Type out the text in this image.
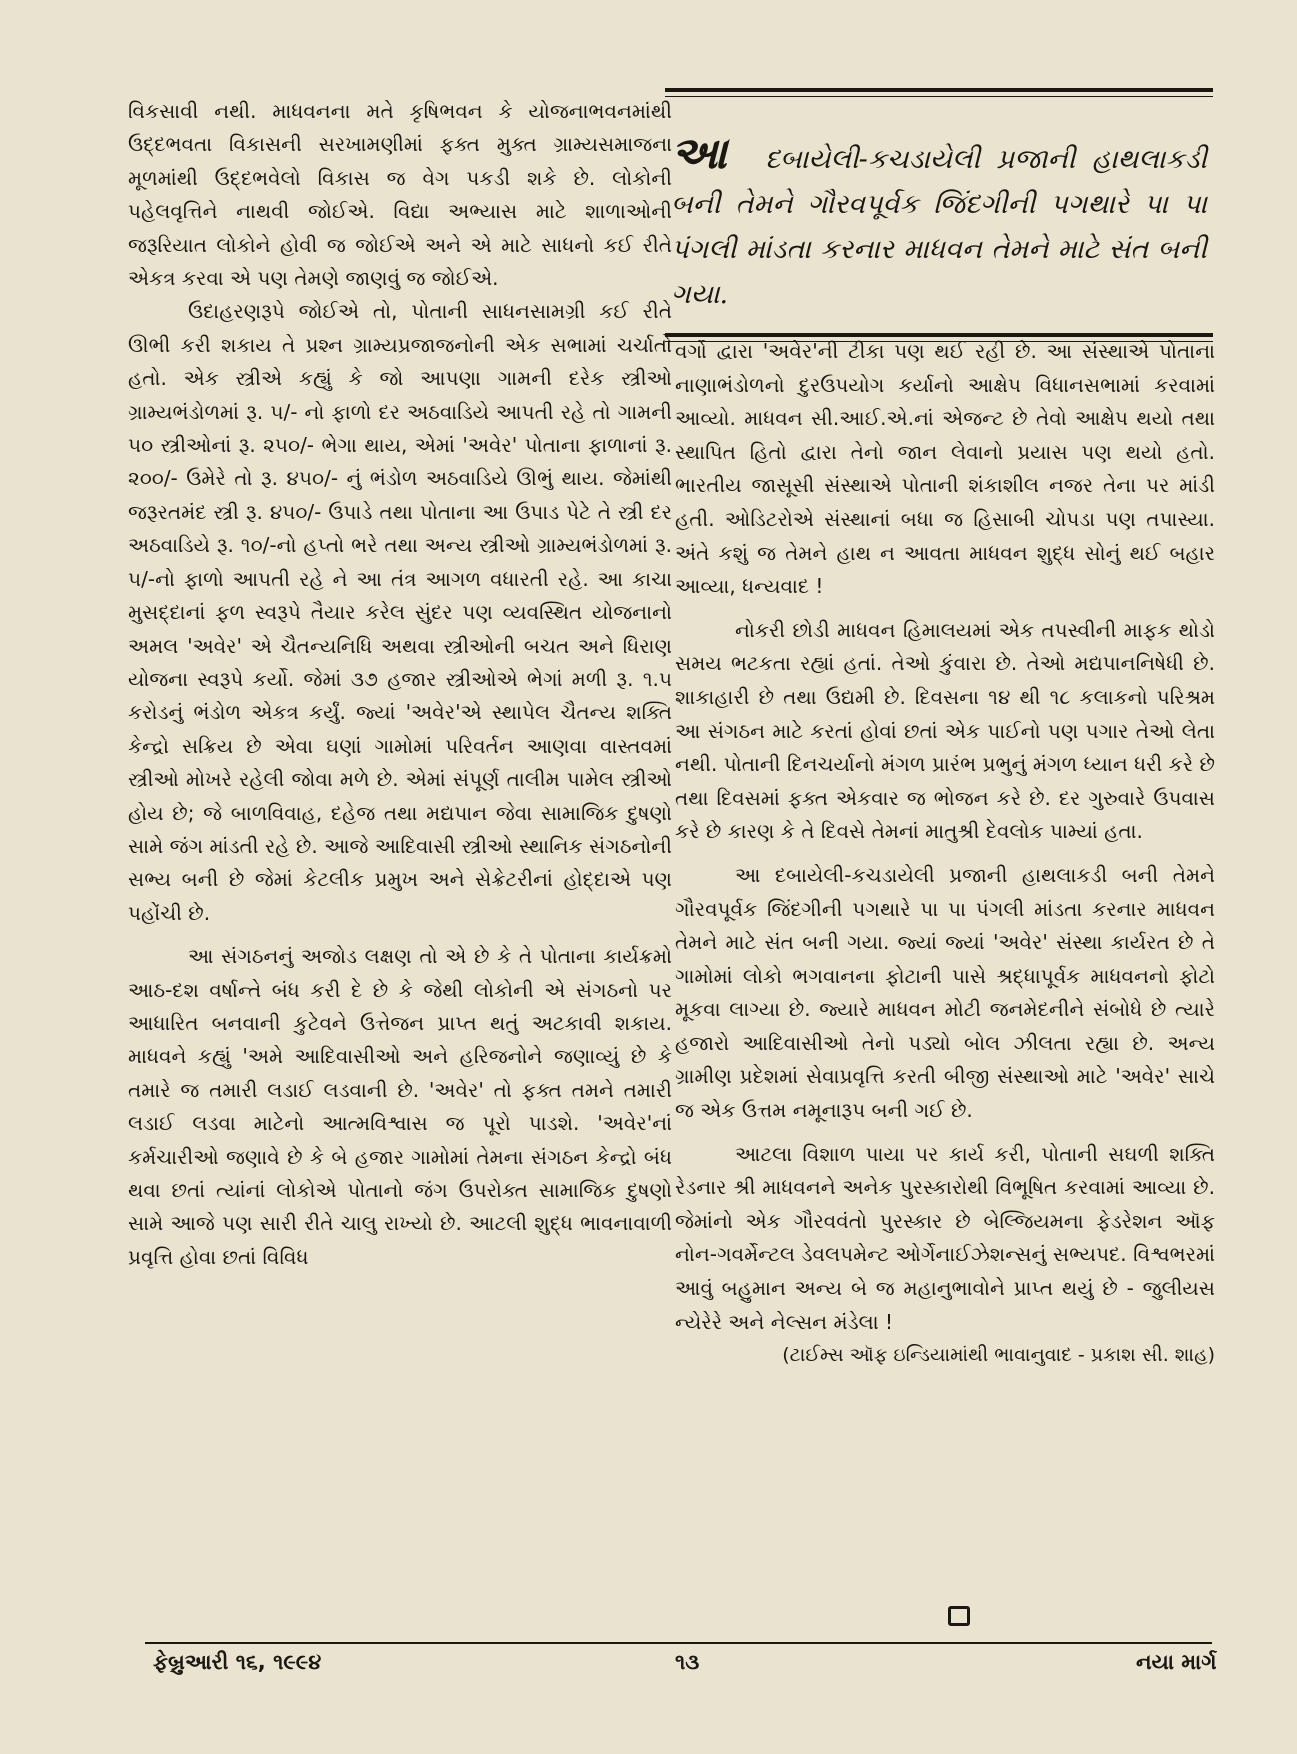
વિકસાવી નથી. માધવનના મતે કૃષિભવન કે યોજનાભવનમાંથી ઉદ્દભવતા વિકાસની સરખામણીમાં ફક્ત મુક્ત ગ્રામ્યસમાજના મૂળમાંથી ઉદ્દભવેલો વિકાસ જ વેગ પકડી શકે છે. લોકોની પહેલવૃત્તિને નાથવી જોઈએ. વિદ્યા અભ્યાસ માટે શાળાઓની જરૂરિયાત લોકોને હોવી જ જોઈએ અને એ માટે સાધનો કઈ રીતે એકત્ર કરવા એ પણ તેમણે જાણવું જ જોઈએ.

ઉદાહરણરૂપે જોઈએ તો, પોતાની સાધનસામગ્રી કઈ રીતે ઊભી કરી શકાય તે પ્રશ્ન ગ્રામ્યપ્રજાજનોની એક સભામાં ચર્ચાતો હતો. એક સ્ત્રીએ કહ્યું કે જો આપણા ગામની દરેક સ્ત્રીઓ ગ્રામ્યભંડોળમાં રૂ. ૫/- નો ફાળો દર અઠવાડિયે આપતી રહે તો ગામની ૫૦ સ્ત્રીઓનાં રૂ. ૨૫૦/- ભેગા થાય, એમાં 'અવેર' પોતાના ફાળાનાં રૂ. ૨૦૦/- ઉમેરે તો રૂ. ૪૫૦/- નું ભંડોળ અઠવાડિયે ઊભું થાય. જેમાંથી જરૂરતમંદ સ્ત્રી રૂ. ૪૫૦/- ઉપાડે તથા પોતાના આ ઉપાડ પેટે તે સ્ત્રી દર અઠવાડિયે રૂ. ૧૦/-નો હપ્તો ભરે તથા અન્ય સ્ત્રીઓ ગ્રામ્યભંડોળમાં રૂ. ૫/-નો ફાળો આપતી રહે ને આ તંત્ર આગળ વધારતી રહે. આ કાચા મુસદ્દાનાં ફળ સ્વરૂપે તૈયાર કરેલ સુંદર પણ વ્યવસ્થિત યોજનાનો અમલ 'અવેર' એ ચૈતન્યનિધિ અથવા સ્ત્રીઓની બચત અને ધિરાણ યોજના સ્વરૂપે કર્યો. જેમાં ૩૭ હજાર સ્ત્રીઓએ ભેગાં મળી રૂ. ૧.૫ કરોડનું ભંડોળ એકત્ર કર્યું. જ્યાં 'અવેર'એ સ્થાપેલ ચૈતન્ય શક્તિ કેન્દ્રો સક્રિય છે એવા ઘણાં ગામોમાં પરિવર્તન આણવા વાસ્તવમાં સ્ત્રીઓ મોખરે રહેલી જોવા મળે છે. એમાં સંપૂર્ણ તાલીમ પામેલ સ્ત્રીઓ હોય છે; જે બાળવિવાહ, દહેજ તથા મદ્યપાન જેવા સામાજિક દુષણો સામે જંગ માંડતી રહે છે. આજે આદિવાસી સ્ત્રીઓ સ્થાનિક સંગઠનોની સભ્ય બની છે જેમાં કેટલીક પ્રમુખ અને સેક્રેટરીનાં હોદ્દાએ પણ પહોંચી છે.

આ સંગઠનનું અજોડ લક્ષણ તો એ છે કે તે પોતાના કાર્યક્રમો આઠ-દશ વર્ષાન્તે બંધ કરી દે છે કે જેથી લોકોની એ સંગઠનો પર આધારિત બનવાની કુટેવને ઉત્તેજન પ્રાપ્ત થતું અટકાવી શકાય. માધવને કહ્યું 'અમે આદિવાસીઓ અને હરિજનોને જણાવ્યું છે કે તમારે જ તમારી લડાઈ લડવાની છે. 'અવેર' તો ફક્ત તમને તમારી લડાઈ લડવા માટેનો આત્મવિશ્વાસ જ પૂરો પાડશે. 'અવેર'નાં કર્મચારીઓ જણાવે છે કે બે હજાર ગામોમાં તેમના સંગઠન કેન્દ્રો બંધ થવા છતાં ત્યાંનાં લોકોએ પોતાનો જંગ ઉપરોક્ત સામાજિક દુષણો સામે આજે પણ સારી રીતે ચાલુ રાખ્યો છે. આટલી શુદ્ધ ભાવનાવાળી પ્રવૃત્તિ હોવા છતાં વિવિધ

આ દબાયેલી-કચડાયેલી પ્રજાની હાથલાકડી બની તેમને ગૌરવપૂર્વક જિંદગીની પગથારે પા પા પંગલી માંડતા કરનાર માધવન તેમને માટે સંત બની ગયા.

વર્ગો દ્વારા 'અવેર'ની ટીકા પણ થઈ રહી છે. આ સંસ્થાએ પોતાના નાણાભંડોળનો દુરઉપયોગ કર્યાનો આક્ષેપ વિધાનસભામાં કરવામાં આવ્યો. માધવન સી.આઈ.એ.નાં એજન્ટ છે તેવો આક્ષેપ થયો તથા સ્થાપિત હિતો દ્વારા તેનો જાન લેવાનો પ્રયાસ પણ થયો હતો. ભારતીય જાસૂસી સંસ્થાએ પોતાની શંકાશીલ નજર તેના પર માંડી હતી. ઓડિટરોએ સંસ્થાનાં બધા જ હિસાબી ચોપડા પણ તપાસ્યા. અંતે કશું જ તેમને હાથ ન આવતા માધવન શુદ્ધ સોનું થઈ બહાર આવ્યા, ધન્યવાદ !

નોકરી છોડી માધવન હિમાલયમાં એક તપસ્વીની માફક થોડો સમય ભટકતા રહ્યાં હતાં. તેઓ કુંવારા છે. તેઓ મદ્યપાનનિષેધી છે. શાકાહારી છે તથા ઉદ્યમી છે. દિવસના ૧૪ થી ૧૮ કલાકનો પરિશ્રમ આ સંગઠન માટે કરતાં હોવાં છતાં એક પાઈનો પણ પગાર તેઓ લેતા નથી. પોતાની દિનચર્યાનો મંગળ પ્રારંભ પ્રભુનું મંગળ ધ્યાન ધરી કરે છે તથા દિવસમાં ફક્ત એકવાર જ ભોજન કરે છે. દર ગુરુવારે ઉપવાસ કરે છે કારણ કે તે દિવસે તેમનાં માતુશ્રી દેવલોક પામ્યાં હતા.

આ દબાયેલી-કચડાયેલી પ્રજાની હાથલાકડી બની તેમને ગૌરવપૂર્વક જિંદગીની પગથારે પા પા પંગલી માંડતા કરનાર માધવન તેમને માટે સંત બની ગયા. જ્યાં જ્યાં 'અવેર' સંસ્થા કાર્યરત છે તે ગામોમાં લોકો ભગવાનના ફોટાની પાસે શ્રદ્ધાપૂર્વક માધવનનો ફોટો મૂકવા લાગ્યા છે. જ્યારે માધવન મોટી જનમેદનીને સંબોધે છે ત્યારે હજારો આદિવાસીઓ તેનો પડ્યો બોલ ઝીલતા રહ્યા છે. અન્ય ગ્રામીણ પ્રદેશમાં સેવાપ્રવૃત્તિ કરતી બીજી સંસ્થાઓ માટે 'અવેર' સાચે જ એક ઉત્તમ નમૂનારૂપ બની ગઈ છે.

આટલા વિશાળ પાયા પર કાર્ય કરી, પોતાની સઘળી શક્તિ રેડનાર શ્રી માધવનને અનેક પુરસ્કારોથી વિભૂષિત કરવામાં આવ્યા છે. જેમાંનો એક ગૌરવવંતો પુરસ્કાર છે બેલ્જિયમના ફેડરેશન ઑફ નોન-ગવર્મેન્ટલ ડેવલપમેન્ટ ઓર્ગેનાઈઝેશન્સનું સભ્યપદ. વિશ્વભરમાં આવું બહુમાન અન્ય બે જ મહાનુભાવોને પ્રાપ્ત થયું છે - જુલીયસ ન્યેરેરે અને નેલ્સન મંડેલા !

(ટાઈમ્સ ઑફ ઇન્ડિયામાંથી ભાવાનુવાદ - પ્રકાશ સી. શાહ)

ફેબ્રુઆરી ૧૬, ૧૯૯૪	૧૩	નયા માર્ગ
